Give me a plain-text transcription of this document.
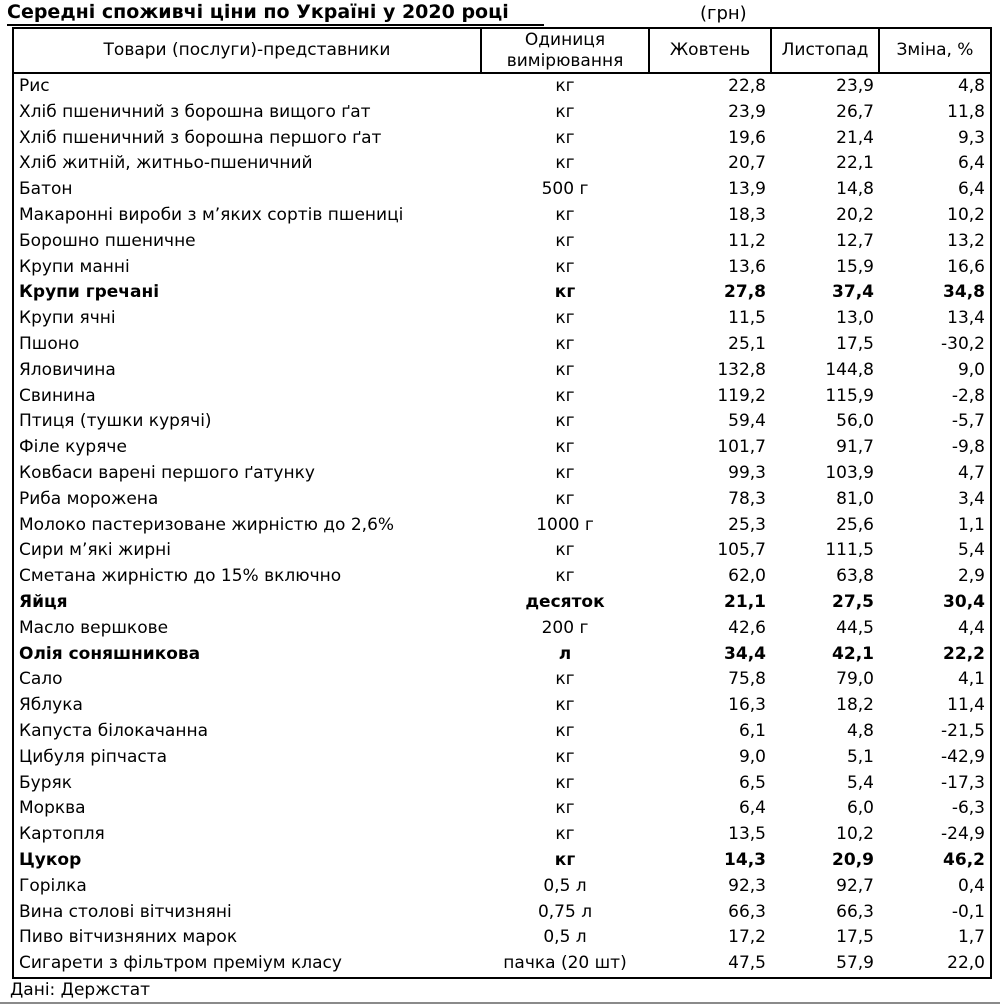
Середні споживчі ціни по Україні у 2020 році	(грн)
Товари (послуги)-представники	Одиниця вимірювання	Жовтень	Листопад	Зміна, %
Рис	кг	22,8	23,9	4,8
Хліб пшеничний з борошна вищого ґат	кг	23,9	26,7	11,8
Хліб пшеничний з борошна першого ґат	кг	19,6	21,4	9,3
Хліб житній, житньо-пшеничний	кг	20,7	22,1	6,4
Батон	500 г	13,9	14,8	6,4
Макаронні вироби з м’яких сортів пшениці	кг	18,3	20,2	10,2
Борошно пшеничне	кг	11,2	12,7	13,2
Крупи манні	кг	13,6	15,9	16,6
Крупи гречані	кг	27,8	37,4	34,8
Крупи ячні	кг	11,5	13,0	13,4
Пшоно	кг	25,1	17,5	-30,2
Яловичина	кг	132,8	144,8	9,0
Свинина	кг	119,2	115,9	-2,8
Птиця (тушки курячі)	кг	59,4	56,0	-5,7
Філе куряче	кг	101,7	91,7	-9,8
Ковбаси варені першого ґатунку	кг	99,3	103,9	4,7
Риба морожена	кг	78,3	81,0	3,4
Молоко пастеризоване жирністю до 2,6%	1000 г	25,3	25,6	1,1
Сири м’які жирні	кг	105,7	111,5	5,4
Сметана жирністю до 15% включно	кг	62,0	63,8	2,9
Яйця	десяток	21,1	27,5	30,4
Масло вершкове	200 г	42,6	44,5	4,4
Олія соняшникова	л	34,4	42,1	22,2
Сало	кг	75,8	79,0	4,1
Яблука	кг	16,3	18,2	11,4
Капуста білокачанна	кг	6,1	4,8	-21,5
Цибуля ріпчаста	кг	9,0	5,1	-42,9
Буряк	кг	6,5	5,4	-17,3
Морква	кг	6,4	6,0	-6,3
Картопля	кг	13,5	10,2	-24,9
Цукор	кг	14,3	20,9	46,2
Горілка	0,5 л	92,3	92,7	0,4
Вина столові вітчизняні	0,75 л	66,3	66,3	-0,1
Пиво вітчизняних марок	0,5 л	17,2	17,5	1,7
Сигарети з фільтром преміум класу	пачка (20 шт)	47,5	57,9	22,0
Дані: Держстат
